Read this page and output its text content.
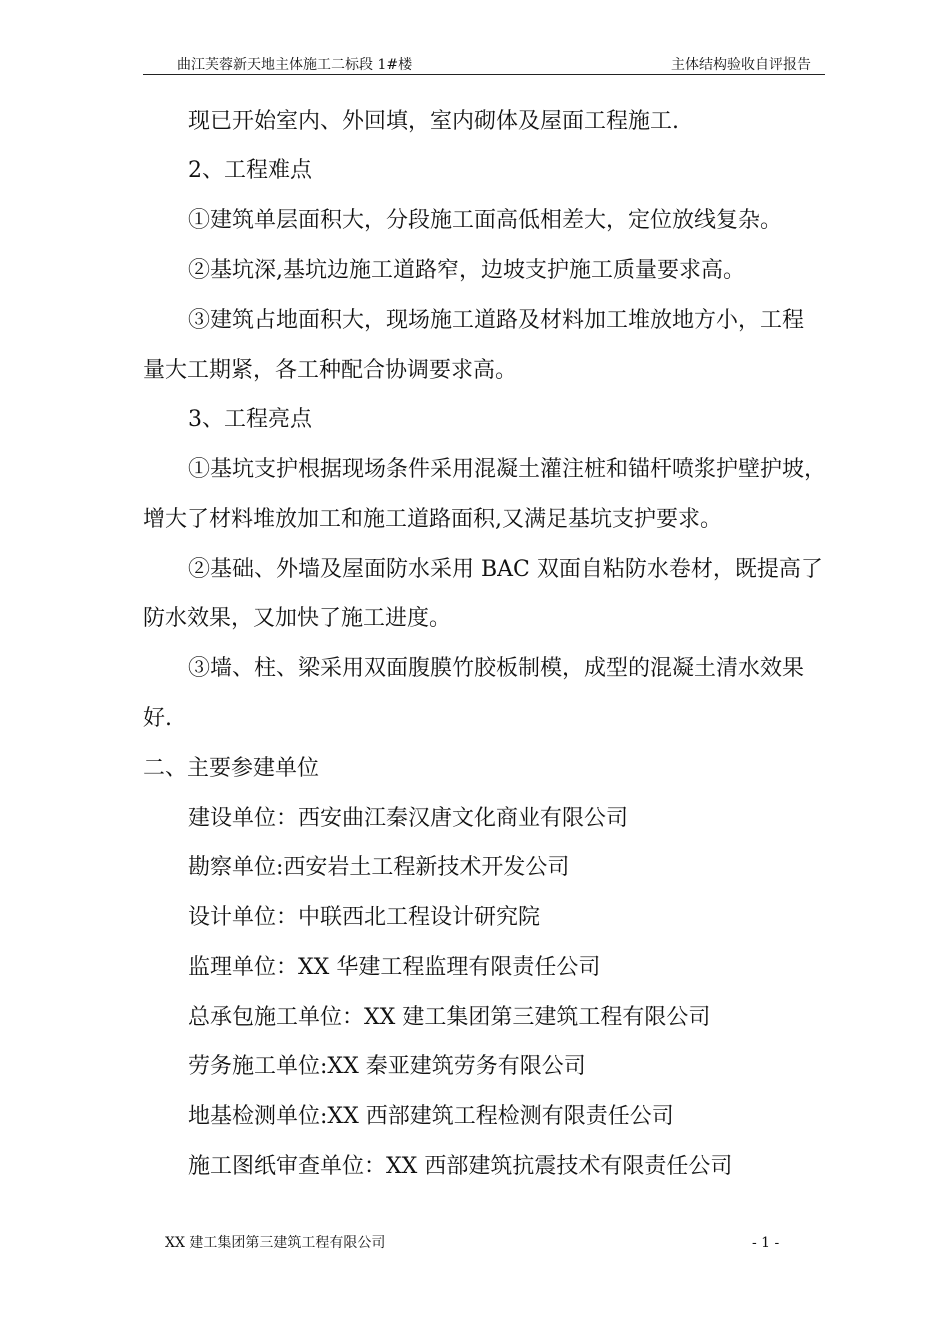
曲江芙蓉新天地主体施工二标段 1#楼	主体结构验收自评报告
现已开始室内、外回填，室内砌体及屋面工程施工.
2、工程难点
①建筑单层面积大，分段施工面高低相差大，定位放线复杂。
②基坑深,基坑边施工道路窄，边坡支护施工质量要求高。
③建筑占地面积大，现场施工道路及材料加工堆放地方小，工程
量大工期紧，各工种配合协调要求高。
3、工程亮点
①基坑支护根据现场条件采用混凝土灌注桩和锚杆喷浆护壁护坡，
增大了材料堆放加工和施工道路面积,又满足基坑支护要求。
②基础、外墙及屋面防水采用 BAC 双面自粘防水卷材，既提高了
防水效果，又加快了施工进度。
③墙、柱、梁采用双面腹膜竹胶板制模，成型的混凝土清水效果
好.
二、主要参建单位
建设单位：西安曲江秦汉唐文化商业有限公司
勘察单位:西安岩土工程新技术开发公司
设计单位：中联西北工程设计研究院
监理单位：XX 华建工程监理有限责任公司
总承包施工单位：XX 建工集团第三建筑工程有限公司
劳务施工单位:XX 秦亚建筑劳务有限公司
地基检测单位:XX 西部建筑工程检测有限责任公司
施工图纸审查单位：XX 西部建筑抗震技术有限责任公司
XX 建工集团第三建筑工程有限公司	- 1 -
